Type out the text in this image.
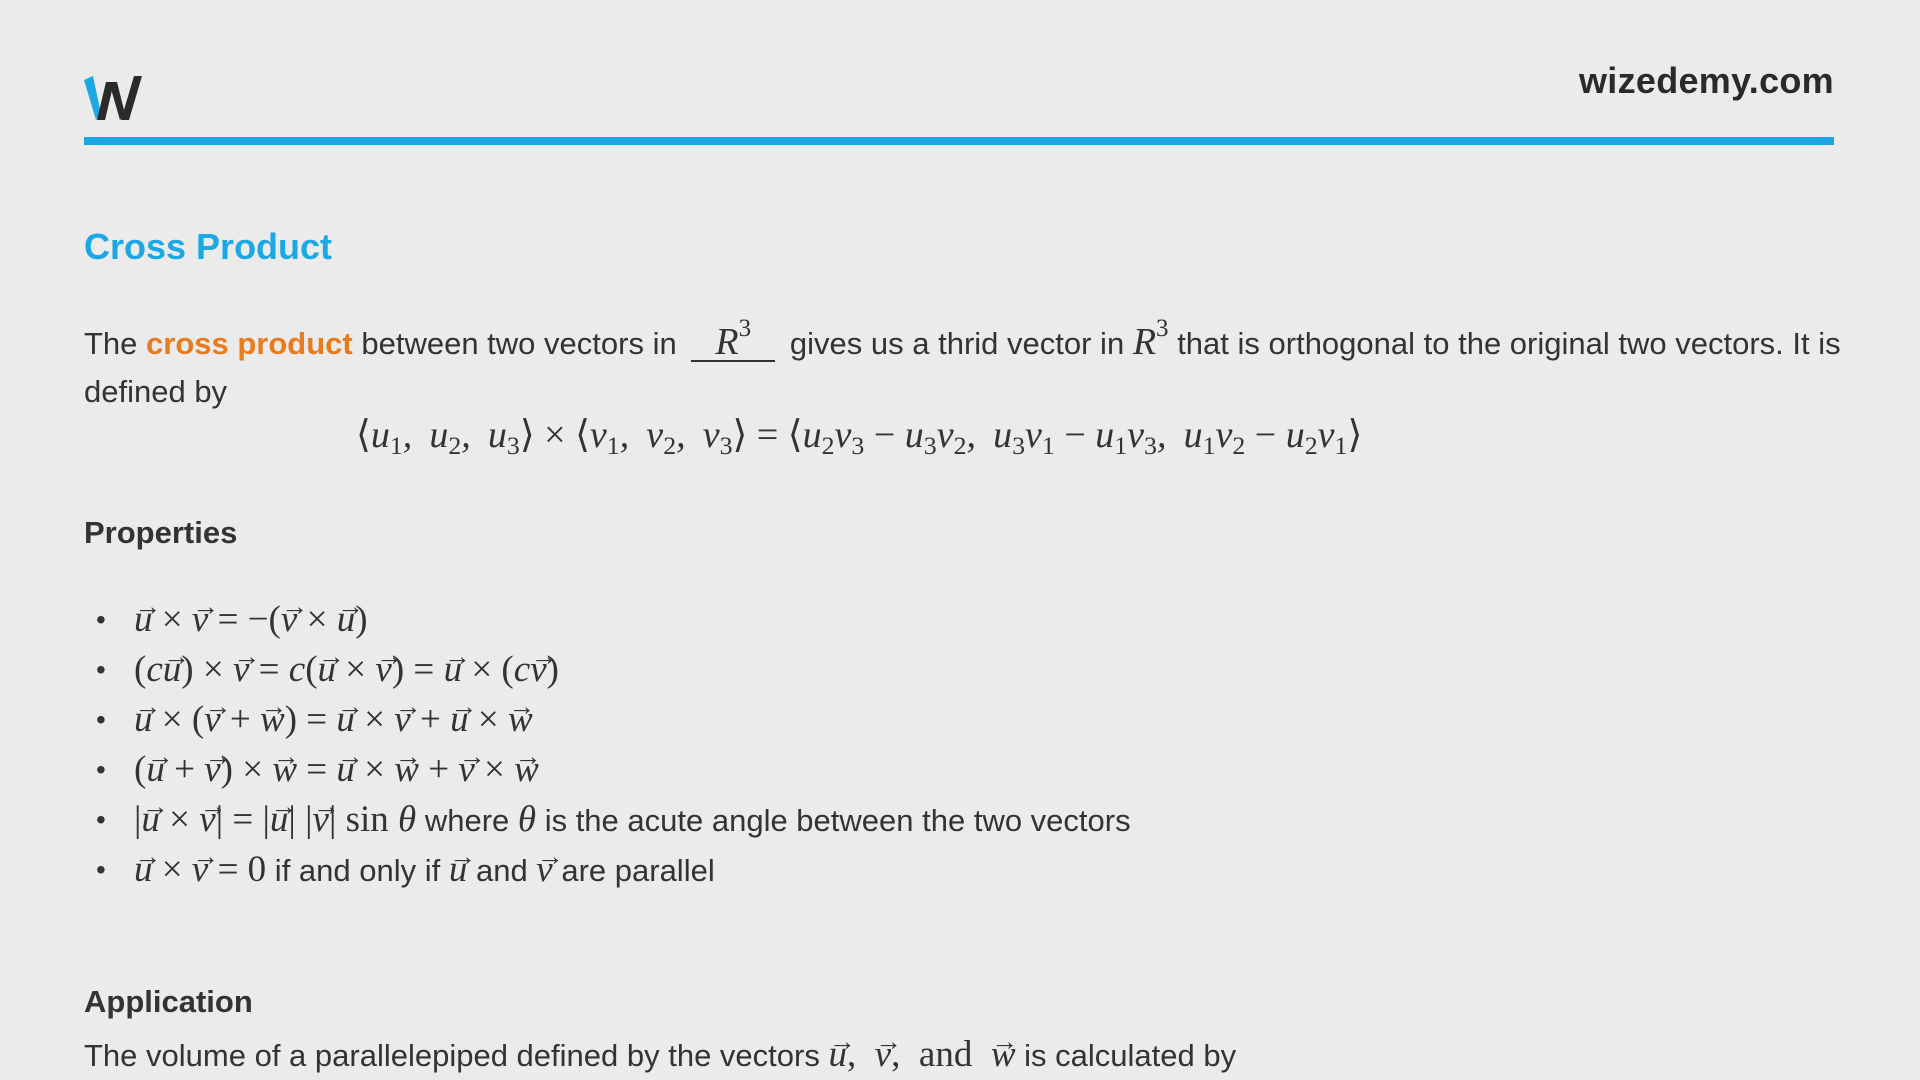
wizedemy.com
Cross Product

The cross product between two vectors in $R^3$ gives us a thrid vector in $R^3$ that is orthogonal to the original two vectors. It is defined by

$⟨u_1$,  $u_2$,  $u_3⟩$ × $⟨v_1$,  $v_2$,  $v_3⟩$ = $⟨u_2v_3 - u_3v_2$,  $u_3v_1 - u_1v_3$,  $u_1v_2$ − $u_2v_1⟩$
Properties
• → u × → v = −(→ v × → u)
• (c→ u) × → v = c(→ u × → v) = → u × (c→ v)
• → u × (→ v + → w) = → u × → v + → u × → w
• (→ u + → v) × → w = → u × → w + → v × → w
• |→ u × → v| = |→ u| |→ v| sin θ where θ is the acute angle between the two vectors
• → u × → v = 0 if and only if → u and → v are parallel
Application

The volume of a parallelepiped defined by the vectors → u,  → v,  and  → w is calculated by
